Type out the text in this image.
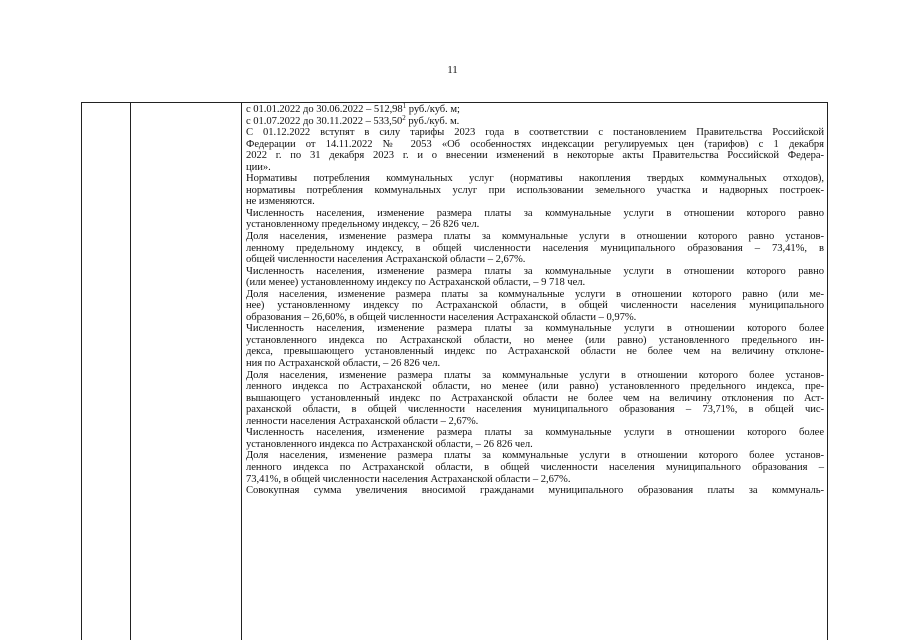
11

с 01.01.2022 до 30.06.2022 – 512,98$^1$ руб./куб. м;

с 01.07.2022 до 30.11.2022 – 533,50$^2$ руб./куб. м.

С 01.12.2022 вступят в силу тарифы 2023 года в соответствии с постановлением Правительства Российской
Федерации от 14.11.2022 № 2053 «Об особенностях индексации регулируемых цен (тарифов) с 1 декабря
2022 г. по 31 декабря 2023 г. и о внесении изменений в некоторые акты Правительства Российской Федера-
ции».

Нормативы потребления коммунальных услуг (нормативы накопления твердых коммунальных отходов),
нормативы потребления коммунальных услуг при использовании земельного участка и надворных построек-
не изменяются.

Численность населения, изменение размера платы за коммунальные услуги в отношении которого равно
установленному предельному индексу, – 26 826 чел.

Доля населения, изменение размера платы за коммунальные услуги в отношении которого равно установ-
ленному предельному индексу, в общей численности населения муниципального образования – 73,41%, в
общей численности населения Астраханской области – 2,67%.

Численность населения, изменение размера платы за коммунальные услуги в отношении которого равно
(или менее) установленному индексу по Астраханской области, – 9 718 чел.

Доля населения, изменение размера платы за коммунальные услуги в отношении которого равно (или ме-
нее) установленному индексу по Астраханской области, в общей численности населения муниципального
образования – 26,60%, в общей численности населения Астраханской области – 0,97%.

Численность населения, изменение размера платы за коммунальные услуги в отношении которого более
установленного индекса по Астраханской области, но менее (или равно) установленного предельного ин-
декса, превышающего установленный индекс по Астраханской области не более чем на величину отклоне-
ния по Астраханской области, – 26 826 чел.

Доля населения, изменение размера платы за коммунальные услуги в отношении которого более установ-
ленного индекса по Астраханской области, но менее (или равно) установленного предельного индекса, пре-
вышающего установленный индекс по Астраханской области не более чем на величину отклонения по Аст-
раханской области, в общей численности населения муниципального образования – 73,71%, в общей чис-
ленности населения Астраханской области – 2,67%.

Численность населения, изменение размера платы за коммунальные услуги в отношении которого более
установленного индекса по Астраханской области, – 26 826 чел.

Доля населения, изменение размера платы за коммунальные услуги в отношении которого более установ-
ленного индекса по Астраханской области, в общей численности населения муниципального образования –
73,41%, в общей численности населения Астраханской области – 2,67%.

Совокупная сумма увеличения вносимой гражданами муниципального образования платы за коммуналь-
